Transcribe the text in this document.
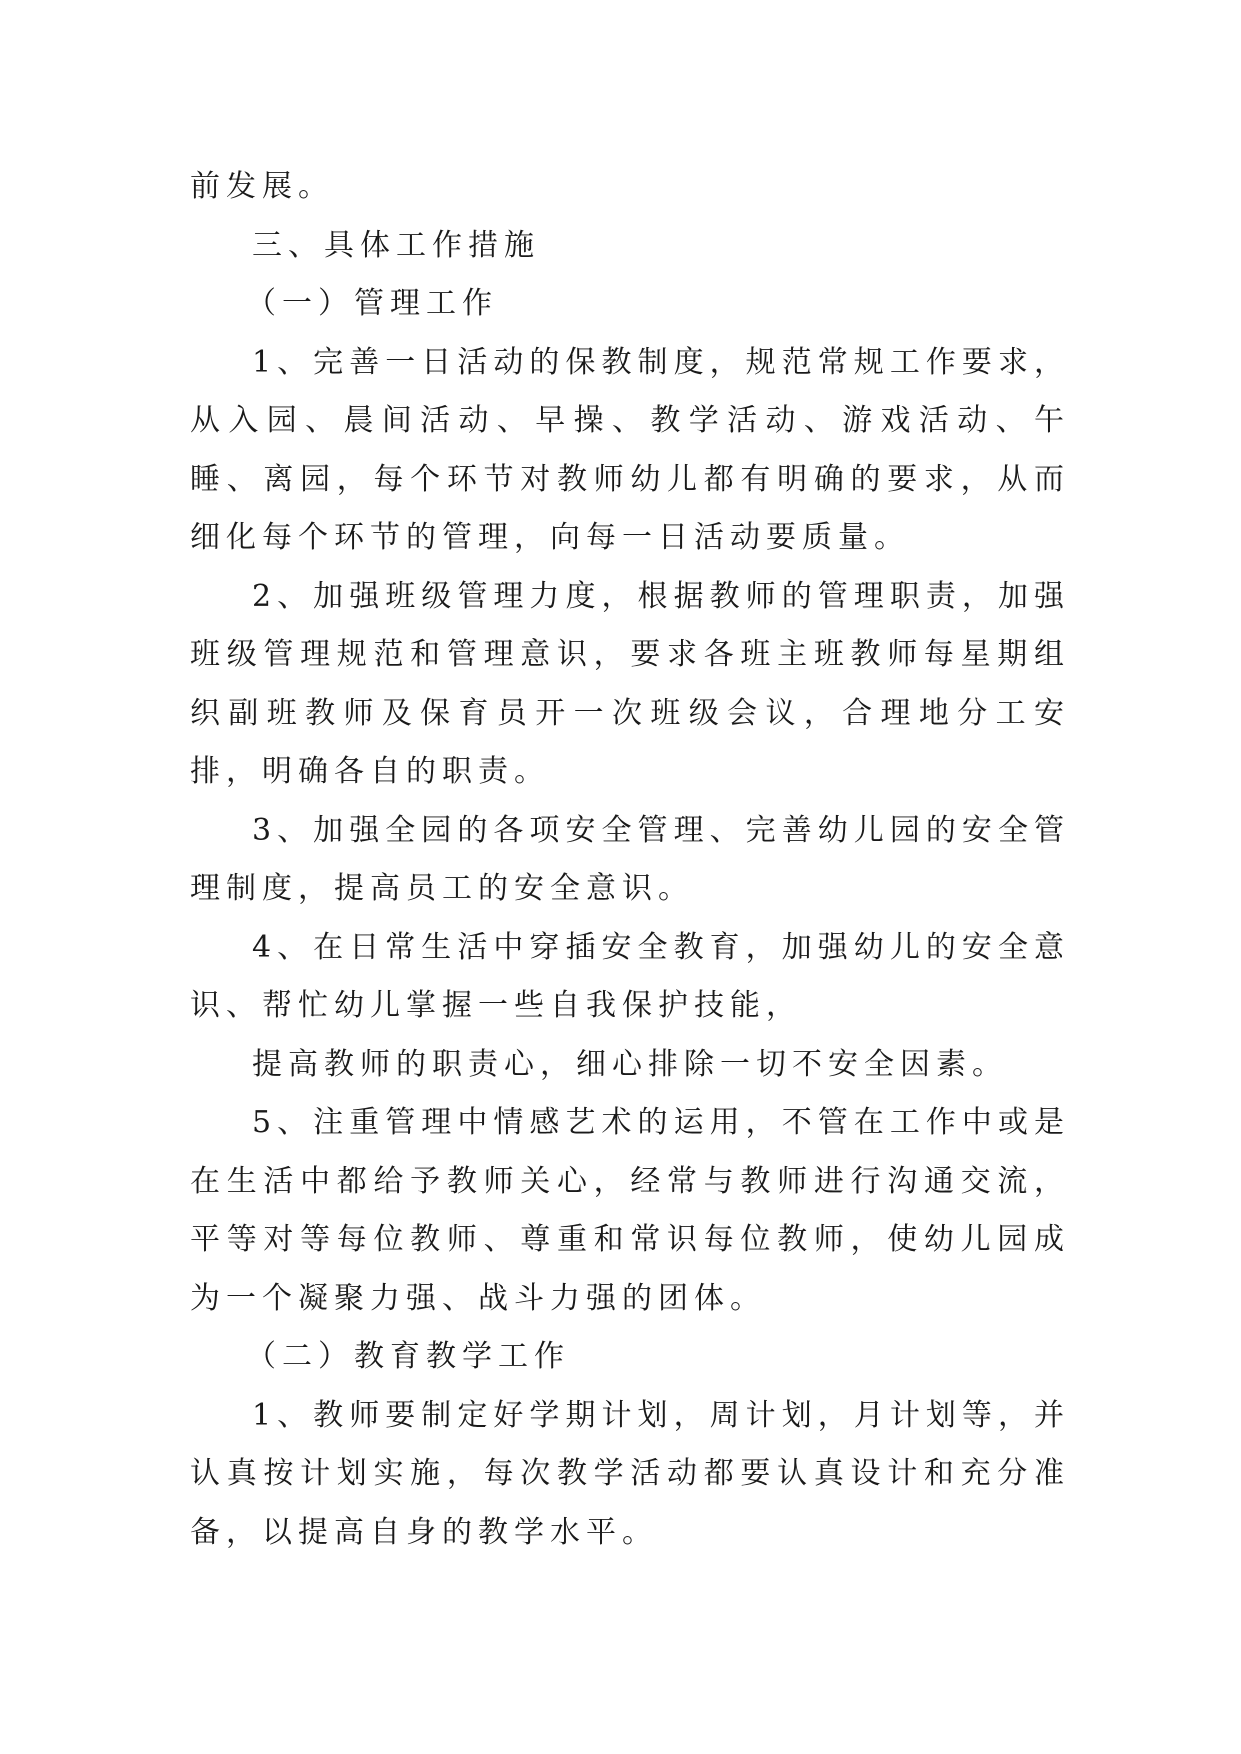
前发展。

三、具体工作措施

（一）管理工作

1、完善一日活动的保教制度，规范常规工作要求，从入园、晨间活动、早操、教学活动、游戏活动、午睡、离园，每个环节对教师幼儿都有明确的要求，从而细化每个环节的管理，向每一日活动要质量。

2、加强班级管理力度，根据教师的管理职责，加强班级管理规范和管理意识，要求各班主班教师每星期组织副班教师及保育员开一次班级会议，合理地分工安排，明确各自的职责。

3、加强全园的各项安全管理、完善幼儿园的安全管理制度，提高员工的安全意识。

4、在日常生活中穿插安全教育，加强幼儿的安全意识、帮忙幼儿掌握一些自我保护技能，

提高教师的职责心，细心排除一切不安全因素。

5、注重管理中情感艺术的运用，不管在工作中或是在生活中都给予教师关心，经常与教师进行沟通交流，平等对等每位教师、尊重和常识每位教师，使幼儿园成为一个凝聚力强、战斗力强的团体。

（二）教育教学工作

1、教师要制定好学期计划，周计划，月计划等，并认真按计划实施，每次教学活动都要认真设计和充分准备，以提高自身的教学水平。
